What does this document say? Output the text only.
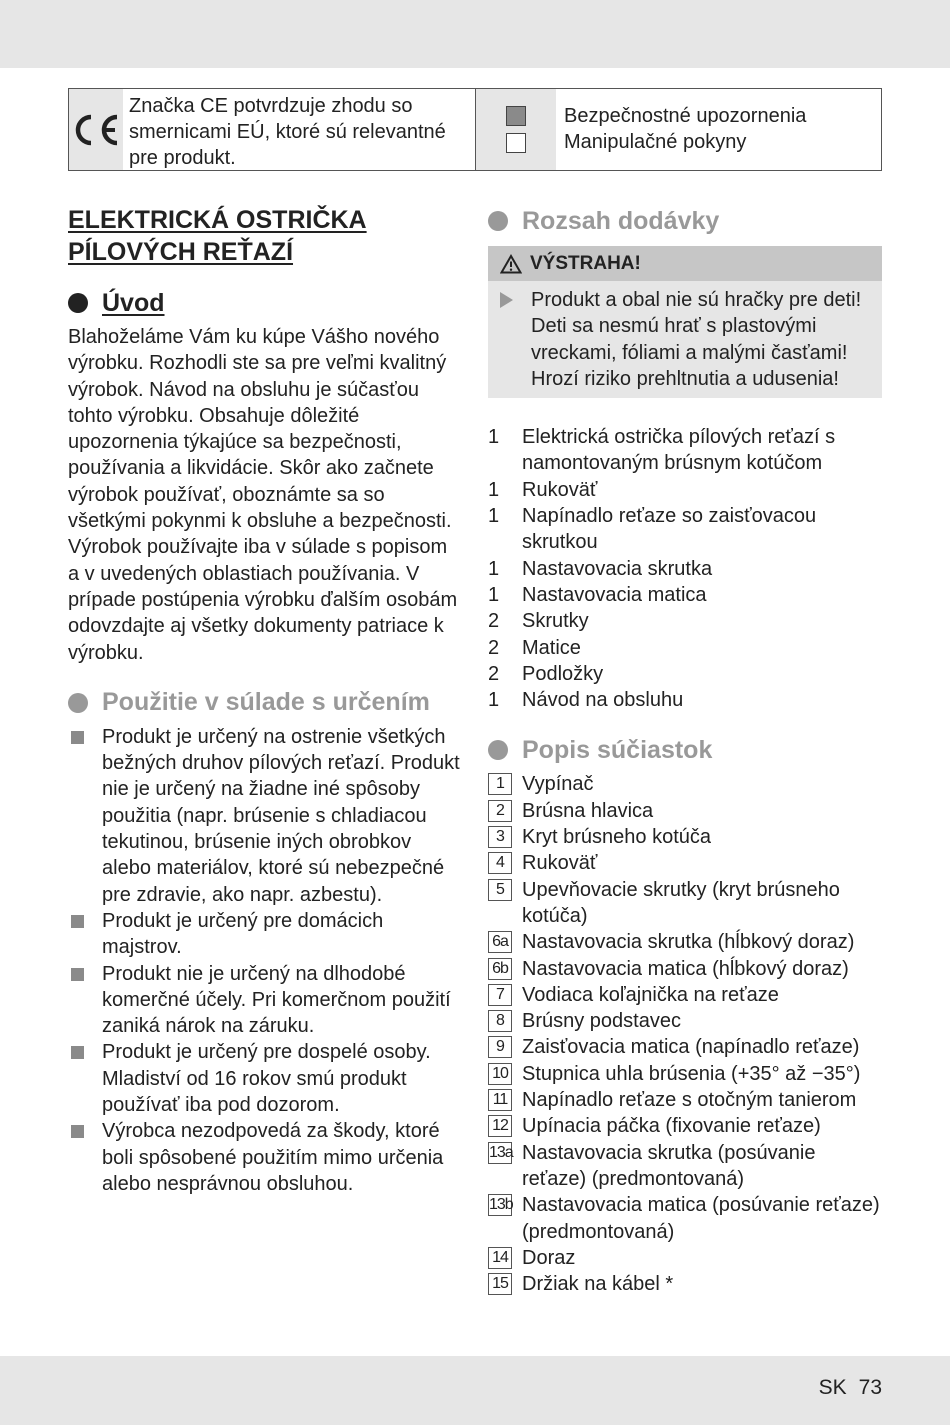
Značka CE potvrdzuje zhodu so smernicami EÚ, ktoré sú relevantné pre produkt.
Bezpečnostné upozornenia
Manipulačné pokyny
ELEKTRICKÁ OSTRIČKA
PÍLOVÝCH REŤAZÍ
Úvod

Blahoželáme Vám ku kúpe Vášho nového výrobku. Rozhodli ste sa pre veľmi kvalitný výrobok. Návod na obsluhu je súčasťou tohto výrobku. Obsahuje dôležité upozornenia týkajúce sa bezpečnosti, používania a likvidácie. Skôr ako začnete výrobok používať, oboznámte sa so všetkými pokynmi k obsluhe a bezpečnosti. Výrobok používajte iba v súlade s popisom a v uvedených oblastiach používania. V prípade postúpenia výrobku ďalším osobám odovzdajte aj všetky dokumenty patriace k výrobku.

Použitie v súlade s určením
Produkt je určený na ostrenie všetkých bežných druhov pílových reťazí. Produkt nie je určený na žiadne iné spôsoby použitia (napr. brúsenie s chladiacou tekutinou, brúsenie iných obrobkov alebo materiálov, ktoré sú nebezpečné pre zdravie, ako napr. azbestu).
Produkt je určený pre domácich majstrov.
Produkt nie je určený na dlhodobé komerčné účely. Pri komerčnom použití zaniká nárok na záruku.
Produkt je určený pre dospelé osoby. Mladiství od 16 rokov smú produkt používať iba pod dozorom.
Výrobca nezodpovedá za škody, ktoré boli spôsobené použitím mimo určenia alebo nesprávnou obsluhou.
Rozsah dodávky
VÝSTRAHA!
Produkt a obal nie sú hračky pre deti! Deti sa nesmú hrať s plastovými vreckami, fóliami a malými časťami! Hrozí riziko prehltnutia a udusenia!
1	Elektrická ostrička pílových reťazí s namontovaným brúsnym kotúčom
1	Rukoväť
1	Napínadlo reťaze so zaisťovacou skrutkou
1	Nastavovacia skrutka
1	Nastavovacia matica
2	Skrutky
2	Matice
2	Podložky
1	Návod na obsluhu
Popis súčiastok
1 Vypínač
2 Brúsna hlavica
3 Kryt brúsneho kotúča
4 Rukoväť
5 Upevňovacie skrutky (kryt brúsneho kotúča)
6a Nastavovacia skrutka (hĺbkový doraz)
6b Nastavovacia matica (hĺbkový doraz)
7 Vodiaca koľajnička na reťaze
8 Brúsny podstavec
9 Zaisťovacia matica (napínadlo reťaze)
10 Stupnica uhla brúsenia (+35° až −35°)
11 Napínadlo reťaze s otočným tanierom
12 Upínacia páčka (fixovanie reťaze)
13a Nastavovacia skrutka (posúvanie reťaze) (predmontovaná)
13b Nastavovacia matica (posúvanie reťaze) (predmontovaná)
14 Doraz
15 Držiak na kábel *
SK 73
